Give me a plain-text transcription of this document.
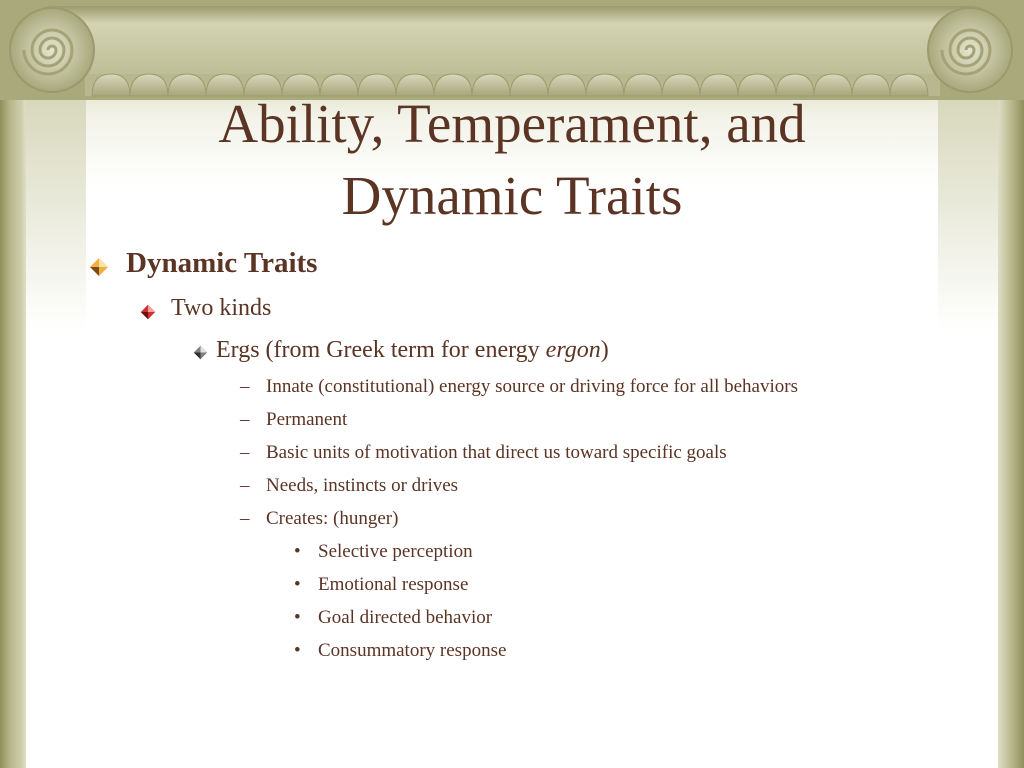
Ability, Temperament, and
Dynamic Traits
Dynamic Traits
Two kinds
Ergs (from Greek term for energy ergon)
– Innate (constitutional) energy source or driving force for all behaviors
– Permanent
– Basic units of motivation that direct us toward specific goals
– Needs, instincts or drives
– Creates: (hunger)
• Selective perception
• Emotional response
• Goal directed behavior
• Consummatory response
